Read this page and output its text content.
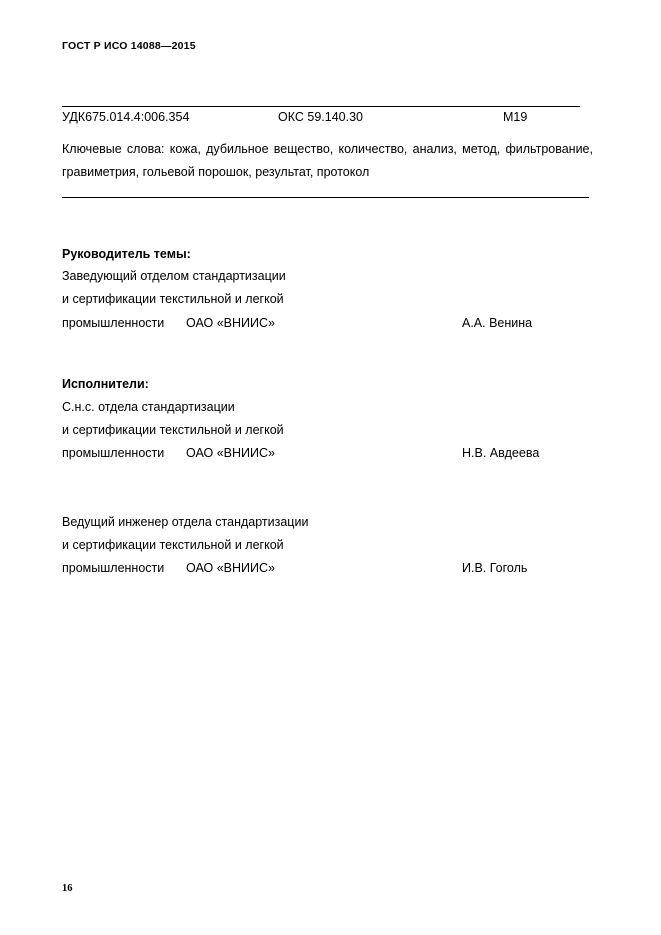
ГОСТ Р ИСО 14088—2015
УДК675.014.4:006.354	ОКС 59.140.30	М19
Ключевые слова: кожа, дубильное вещество, количество, анализ, метод, фильтрование, гравиметрия, гольевой порошок, результат, протокол
Руководитель темы:
Заведующий отделом стандартизации
и сертификации текстильной и легкой
промышленности ОАО «ВНИИС»	А.А. Венина
Исполнители:
С.н.с. отдела стандартизации
и сертификации текстильной и легкой
промышленности ОАО «ВНИИС»	Н.В. Авдеева
Ведущий инженер отдела стандартизации
и сертификации текстильной и легкой
промышленности ОАО «ВНИИС»	И.В. Гоголь
16
